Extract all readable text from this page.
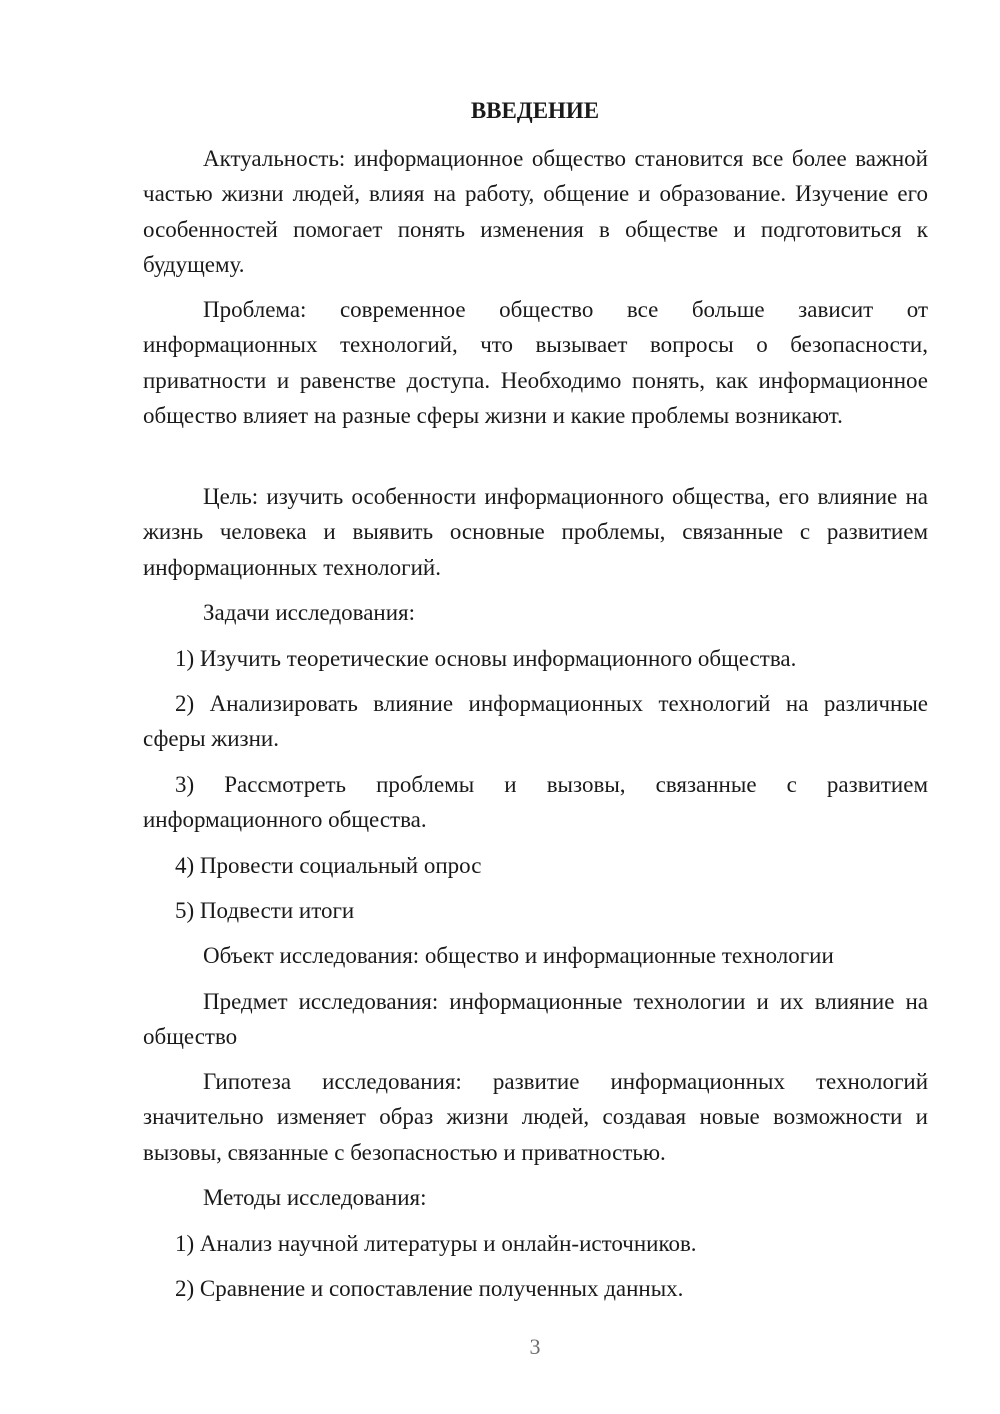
ВВЕДЕНИЕ

Актуальность: информационное общество становится все более важной частью жизни людей, влияя на работу, общение и образование. Изучение его особенностей помогает понять изменения в обществе и подготовиться к будущему.

Проблема: современное общество все больше зависит от информационных технологий, что вызывает вопросы о безопасности, приватности и равенстве доступа. Необходимо понять, как информационное общество влияет на разные сферы жизни и какие проблемы возникают.

Цель: изучить особенности информационного общества, его влияние на жизнь человека и выявить основные проблемы, связанные с развитием информационных технологий.

Задачи исследования:

1) Изучить теоретические основы информационного общества.

2) Анализировать влияние информационных технологий на различные сферы жизни.

3) Рассмотреть проблемы и вызовы, связанные с развитием информационного общества.

4) Провести социальный опрос

5) Подвести итоги

Объект исследования: общество и информационные технологии

Предмет исследования: информационные технологии и их влияние на общество

Гипотеза исследования: развитие информационных технологий значительно изменяет образ жизни людей, создавая новые возможности и вызовы, связанные с безопасностью и приватностью.

Методы исследования:

1) Анализ научной литературы и онлайн-источников.

2) Сравнение и сопоставление полученных данных.

3
